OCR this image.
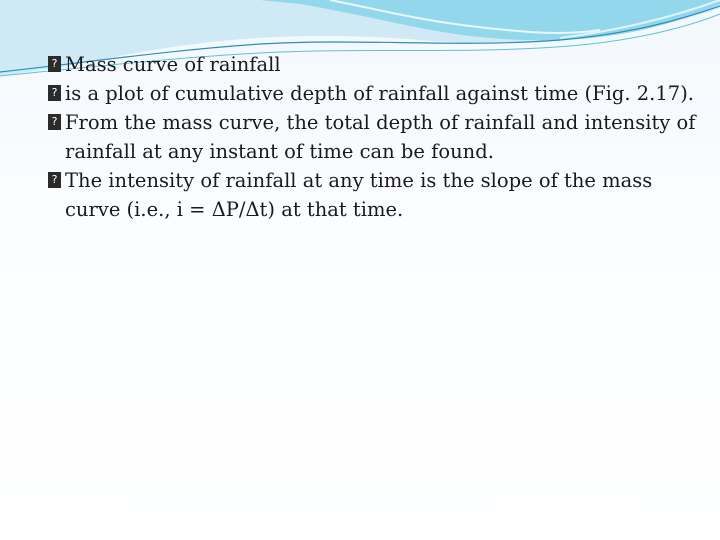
? Mass curve of rainfall

? is a plot of cumulative depth of rainfall against time (Fig. 2.17).

? From the mass curve, the total depth of rainfall and intensity of rainfall at any instant of time can be found.

? The intensity of rainfall at any time is the slope of the mass curve (i.e., i = ΔP/Δt) at that time.
